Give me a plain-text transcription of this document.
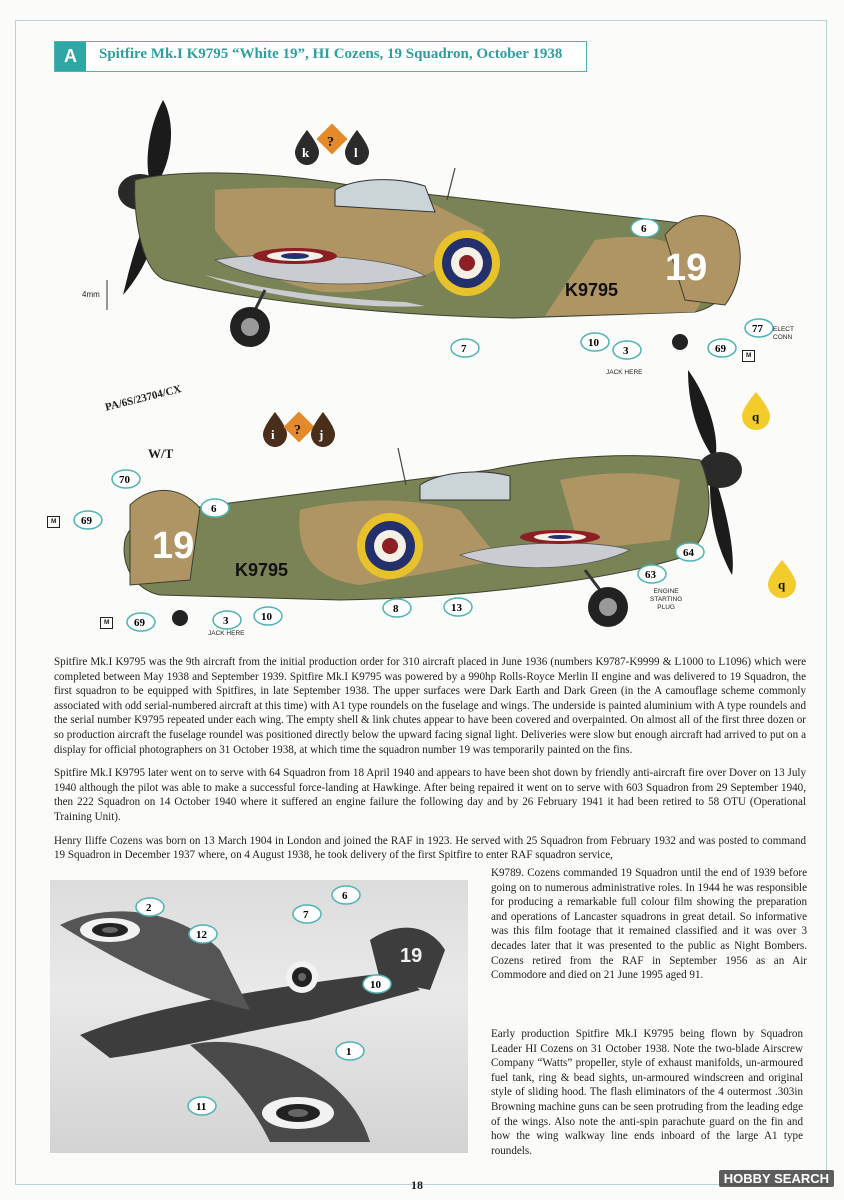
A	Spitfire Mk.I K9795 “White 19”, HI Cozens, 19 Squadron, October 1938
K9795
19
k
?
l
6
7	10
3	69
77
4mm
ELECT
CONN
JACK HERE
K9795
19
i ? j
q
q
70
69
6
8	13
10
3
69
64
63
PA/6S/23704/CX
W/T
ENGINE
STARTING
PLUG
JACK HERE
M
M
M

Spitfire Mk.I K9795 was the 9th aircraft from the initial production order for 310 aircraft placed in June 1936 (numbers K9787-K9999 & L1000 to L1096) which were completed between May 1938 and September 1939. Spitfire Mk.I K9795 was powered by a 990hp Rolls-Royce Merlin II engine and was delivered to 19 Squadron, the first squadron to be equipped with Spitfires, in late September 1938. The upper surfaces were Dark Earth and Dark Green (in the A camouflage scheme commonly associated with odd serial-numbered aircraft at this time) with A1 type roundels on the fuselage and wings. The underside is painted aluminium with A type roundels and the serial number K9795 repeated under each wing. The empty shell & link chutes appear to have been covered and overpainted. On almost all of the first three dozen or so production aircraft the fuselage roundel was positioned directly below the upward facing signal light. Deliveries were slow but enough aircraft had arrived to put on a display for official photographers on 31 October 1938, at which time the squadron number 19 was temporarily painted on the fins.

Spitfire Mk.I K9795 later went on to serve with 64 Squadron from 18 April 1940 and appears to have been shot down by friendly anti-aircraft fire over Dover on 13 July 1940 although the pilot was able to make a successful force-landing at Hawkinge. After being repaired it went on to serve with 603 Squadron from 29 September 1940, then 222 Squadron on 14 October 1940 where it suffered an engine failure the following day and by 26 February 1941 it had been retired to 58 OTU (Operational Training Unit).

Henry Iliffe Cozens was born on 13 March 1904 in London and joined the RAF in 1923. He served with 25 Squadron from February 1932 and was posted to command 19 Squadron in December 1937 where, on 4 August 1938, he took delivery of the first Spitfire to enter RAF squadron service,

K9789. Cozens commanded 19 Squadron until the end of 1939 before going on to numerous administrative roles. In 1944 he was responsible for producing a remarkable full colour film showing the preparation and operations of Lancaster squadrons in great detail. So informative was this film footage that it remained classified and it was over 3 decades later that it was presented to the public as Night Bombers. Cozens retired from the RAF in September 1956 as an Air Commodore and died on 21 June 1995 aged 91.
19
2
12
7
6
10
1
11
Early production Spitfire Mk.I K9795 being flown by Squadron Leader HI Cozens on 31 October 1938. Note the two-blade Airscrew Company “Watts” propeller, style of exhaust manifolds, un-armoured fuel tank, ring & bead sights, un-armoured windscreen and original style of sliding hood. The flash eliminators of the 4 outermost .303in Browning machine guns can be seen protruding from the leading edge of the wings. Also note the anti-spin parachute guard on the fin and how the wing walkway line ends inboard of the large A1 type roundels.
18	HOBBY SEARCH
